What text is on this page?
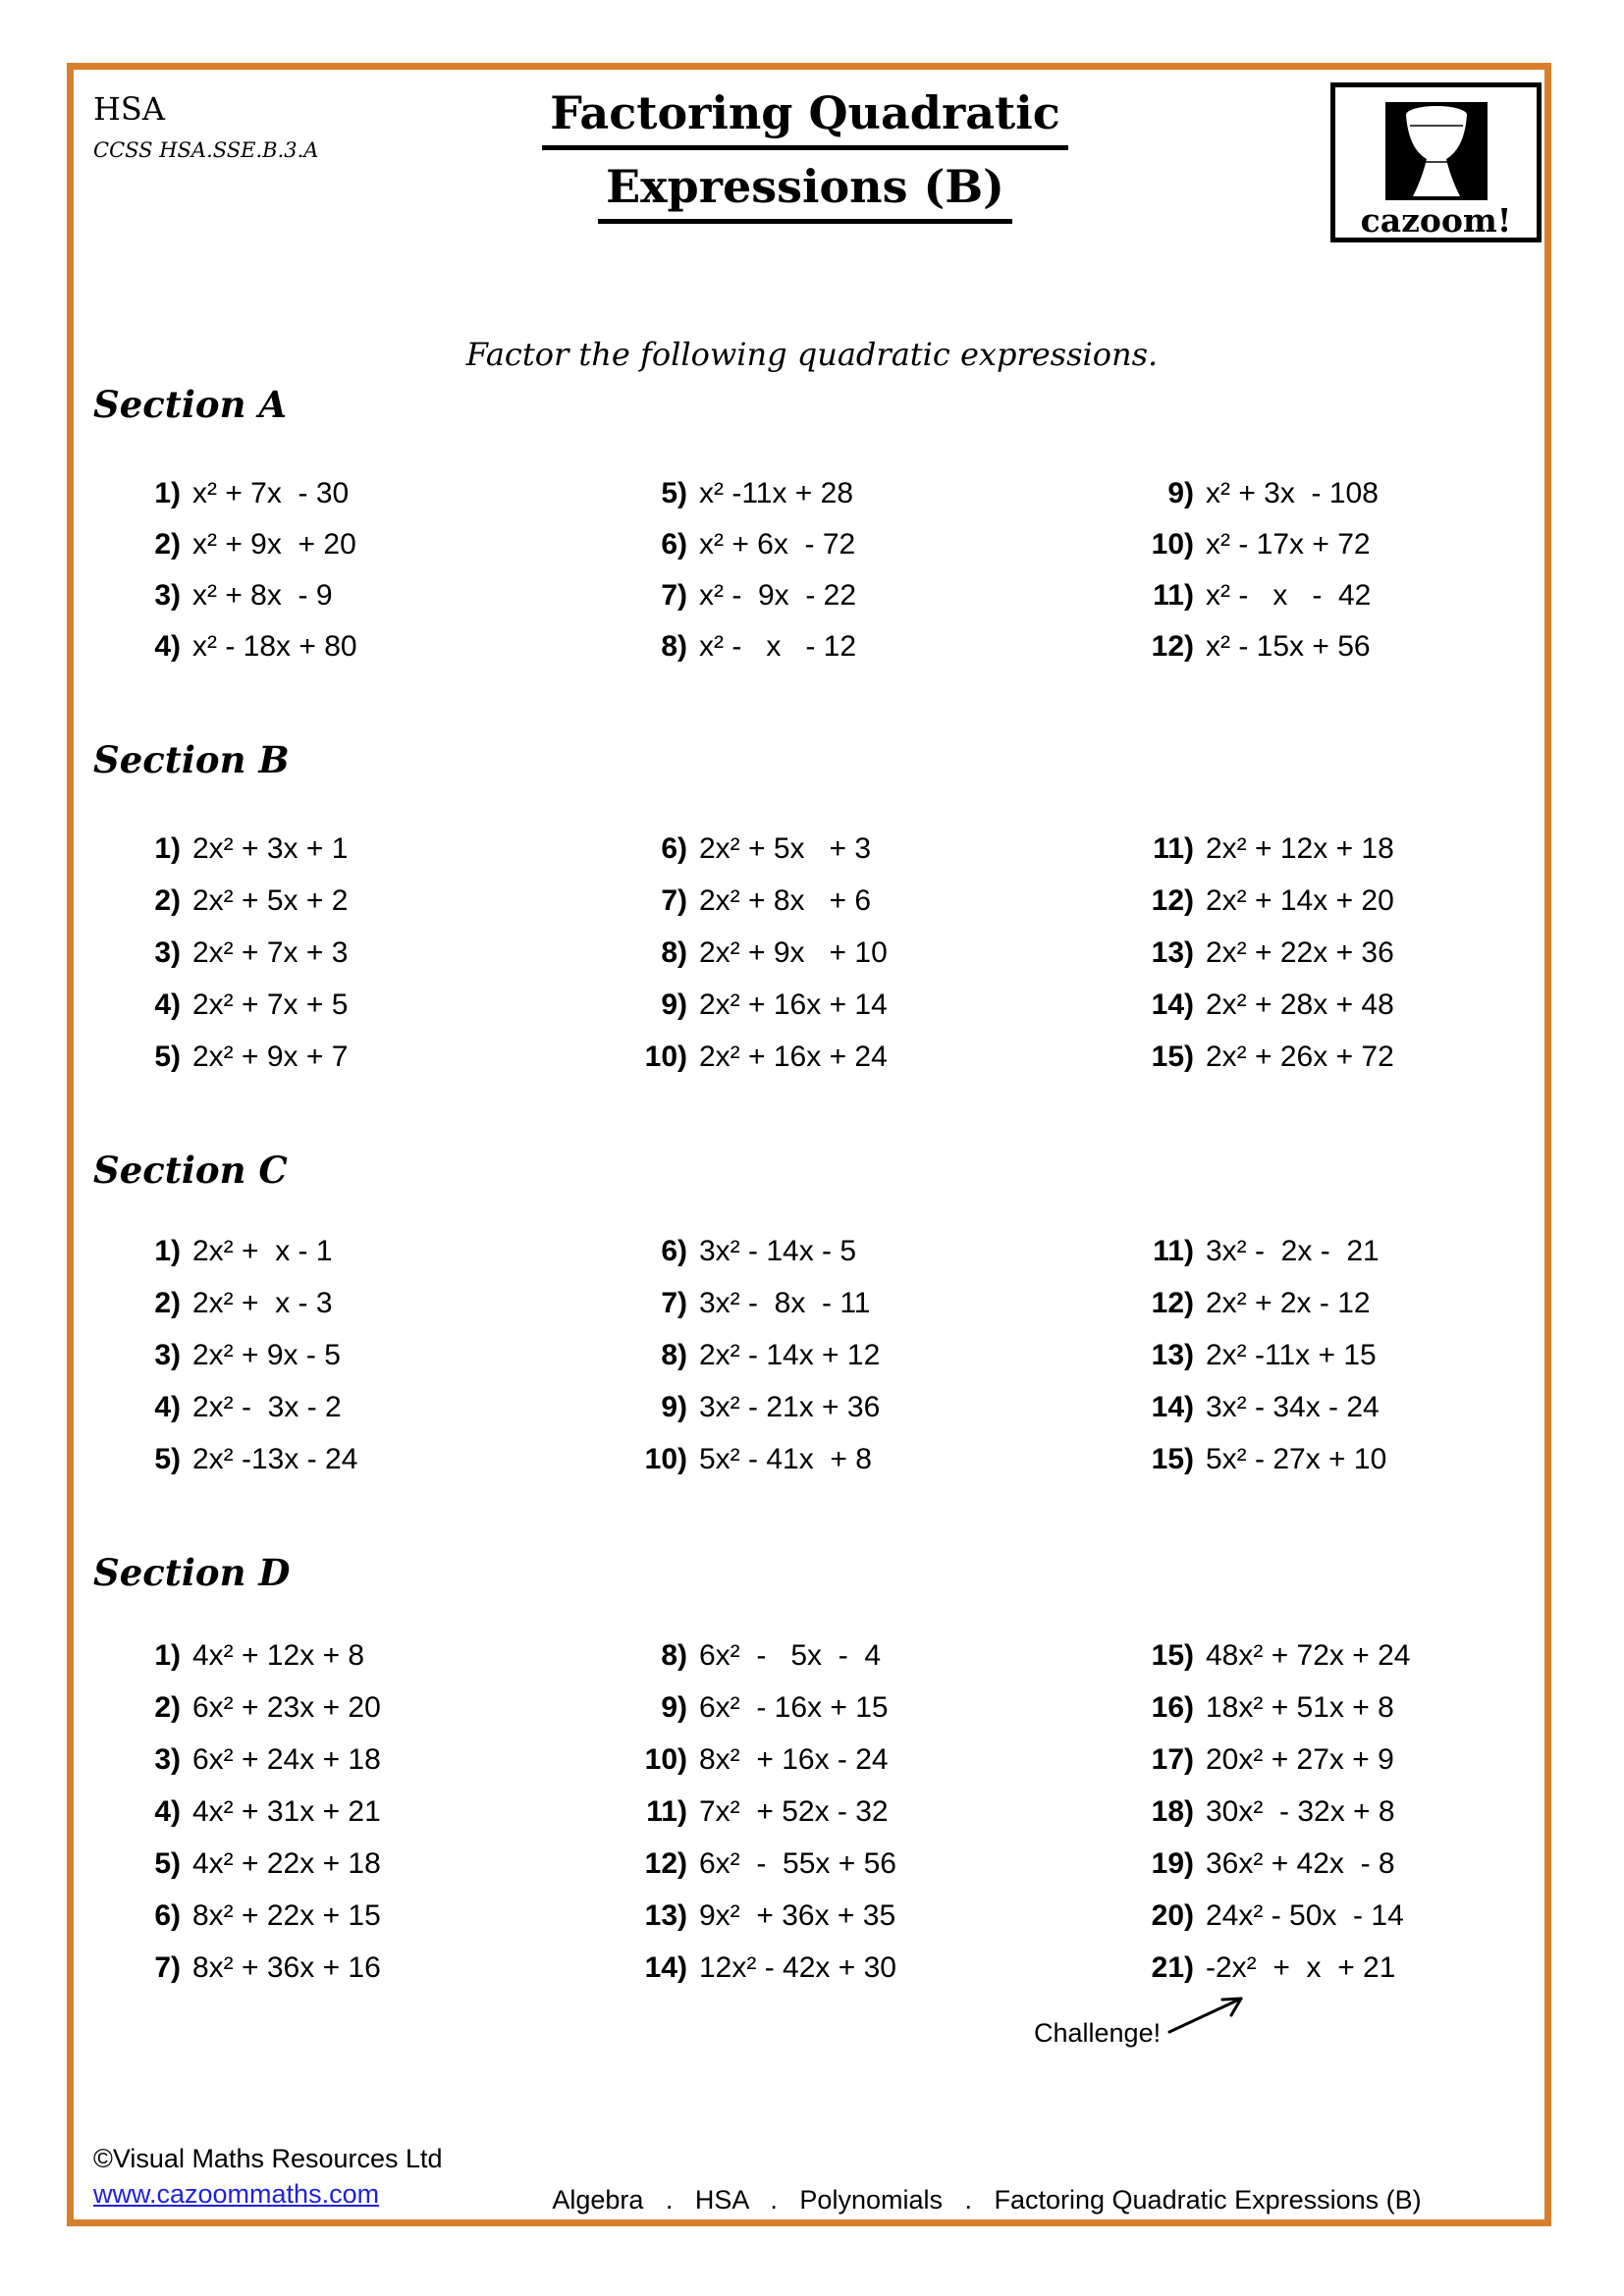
HSA
CCSS HSA.SSE.B.3.A
Factoring Quadratic
Expressions (B)
cazoom!
Factor the following quadratic expressions.
Section A
1) x² + 7x  - 30
2) x² + 9x  + 20
3) x² + 8x  - 9
4) x² - 18x + 80
5) x² -11x + 28
6) x² + 6x  - 72
7) x² -  9x  - 22
8) x² -   x   - 12
9) x² + 3x  - 108
10) x² - 17x + 72
11) x² -   x   -  42
12) x² - 15x + 56
Section B
1) 2x² + 3x + 1
2) 2x² + 5x + 2
3) 2x² + 7x + 3
4) 2x² + 7x + 5
5) 2x² + 9x + 7
6) 2x² + 5x   + 3
7) 2x² + 8x   + 6
8) 2x² + 9x   + 10
9) 2x² + 16x + 14
10) 2x² + 16x + 24
11) 2x² + 12x + 18
12) 2x² + 14x + 20
13) 2x² + 22x + 36
14) 2x² + 28x + 48
15) 2x² + 26x + 72
Section C
1) 2x² +  x - 1
2) 2x² +  x - 3
3) 2x² + 9x - 5
4) 2x² -  3x - 2
5) 2x² -13x - 24
6) 3x² - 14x - 5
7) 3x² -  8x  - 11
8) 2x² - 14x + 12
9) 3x² - 21x + 36
10) 5x² - 41x  + 8
11) 3x² -  2x -  21
12) 2x² + 2x - 12
13) 2x² -11x + 15
14) 3x² - 34x - 24
15) 5x² - 27x + 10
Section D
1) 4x² + 12x + 8
2) 6x² + 23x + 20
3) 6x² + 24x + 18
4) 4x² + 31x + 21
5) 4x² + 22x + 18
6) 8x² + 22x + 15
7) 8x² + 36x + 16
8) 6x²  -   5x  -  4
9) 6x²  - 16x + 15
10) 8x²  + 16x - 24
11) 7x²  + 52x - 32
12) 6x²  -  55x + 56
13) 9x²  + 36x + 35
14) 12x² - 42x + 30
15) 48x² + 72x + 24
16) 18x² + 51x + 8
17) 20x² + 27x + 9
18) 30x²  - 32x + 8
19) 36x² + 42x  - 8
20) 24x² - 50x  - 14
21) -2x²  +  x  + 21
Challenge!
©Visual Maths Resources Ltd
www.cazoommaths.com	Algebra   .   HSA   .   Polynomials   .   Factoring Quadratic Expressions (B)
